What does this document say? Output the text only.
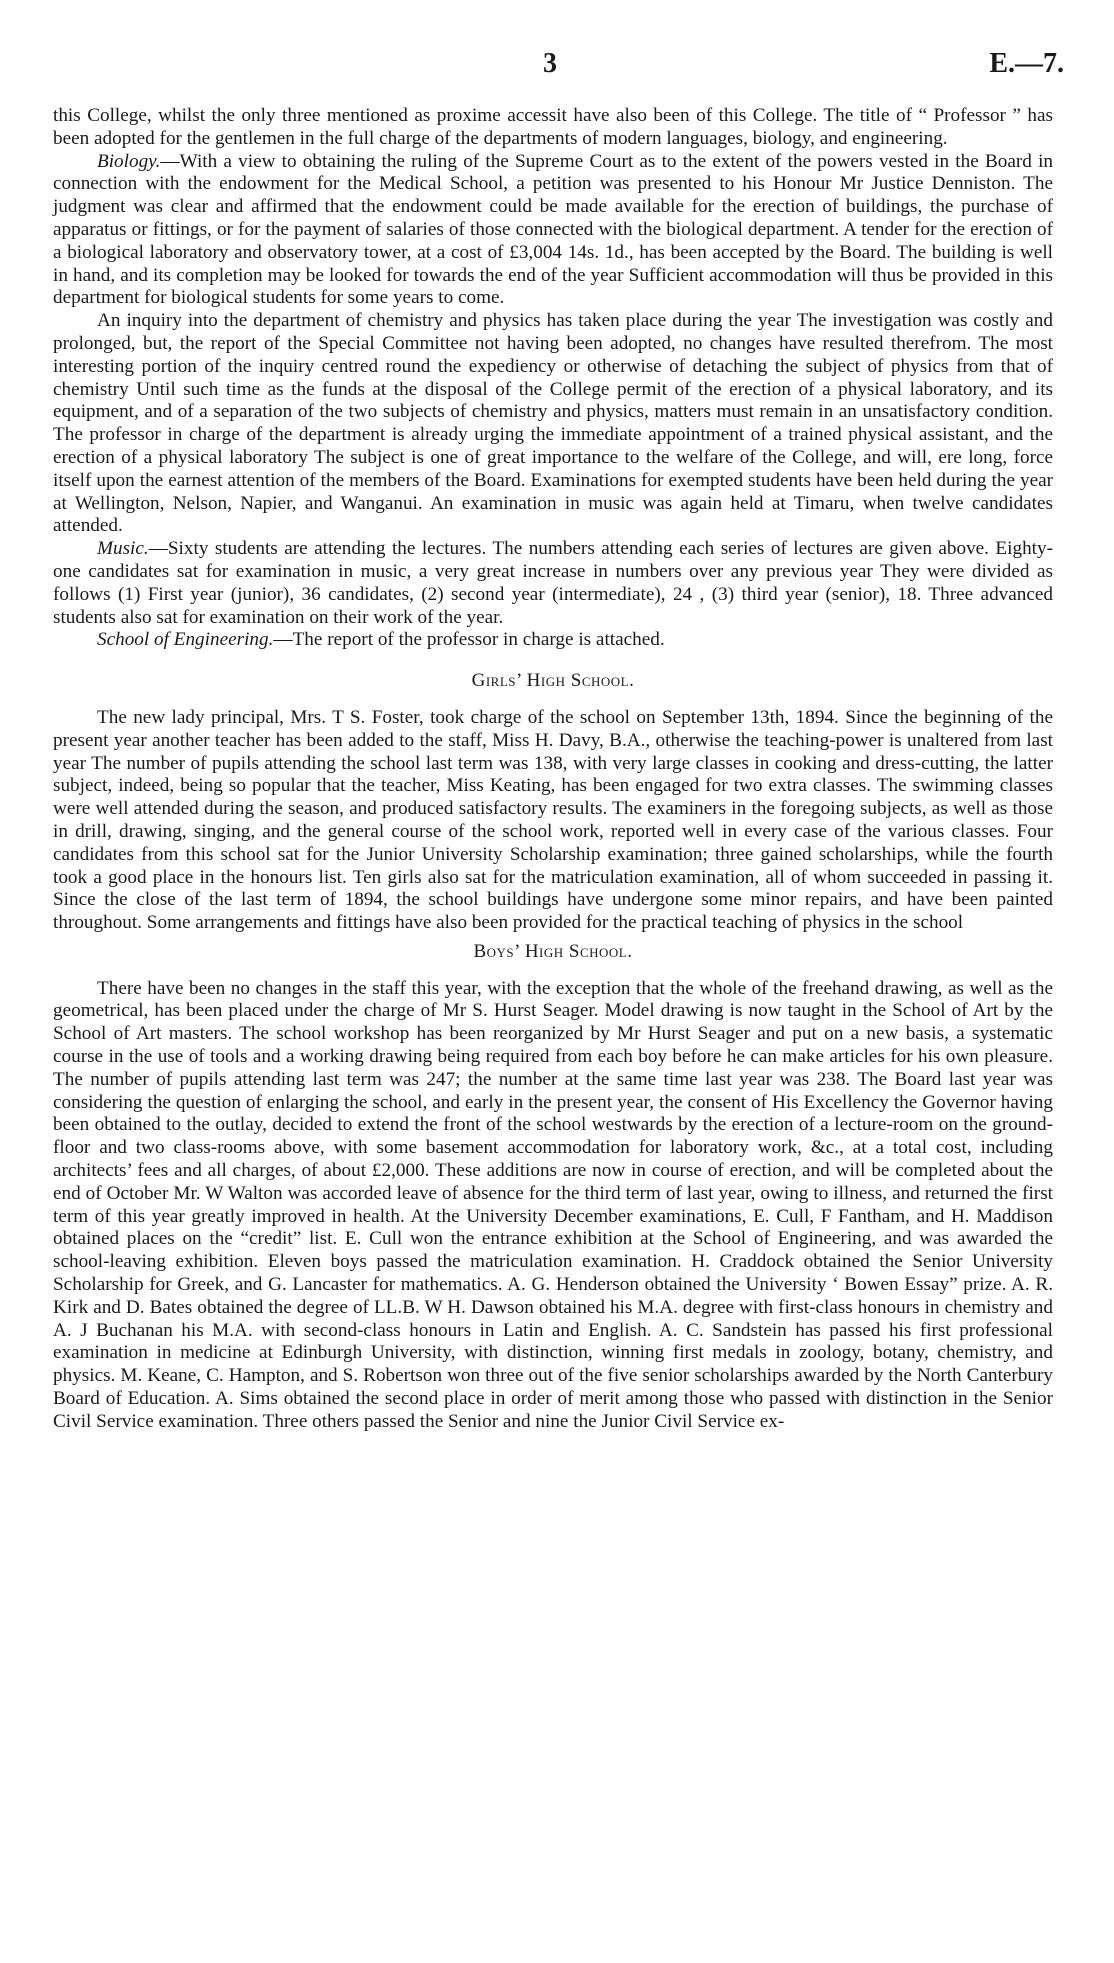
3	E.—7.

this College, whilst the only three mentioned as proxime accessit have also been of this College. The title of “ Professor ” has been adopted for the gentlemen in the full charge of the departments of modern languages, biology, and engineering.

Biology.—With a view to obtaining the ruling of the Supreme Court as to the extent of the powers vested in the Board in connection with the endowment for the Medical School, a petition was presented to his Honour Mr Justice Denniston. The judgment was clear and affirmed that the endowment could be made available for the erection of buildings, the purchase of apparatus or fittings, or for the payment of salaries of those connected with the biological department. A tender for the erection of a biological laboratory and observatory tower, at a cost of £3,004 14s. 1d., has been accepted by the Board. The building is well in hand, and its completion may be looked for towards the end of the year Sufficient accommodation will thus be provided in this department for biological students for some years to come.

An inquiry into the department of chemistry and physics has taken place during the year The investigation was costly and prolonged, but, the report of the Special Committee not having been adopted, no changes have resulted therefrom. The most interesting portion of the inquiry centred round the expediency or otherwise of detaching the subject of physics from that of chemistry Until such time as the funds at the disposal of the College permit of the erection of a physical laboratory, and its equipment, and of a separation of the two subjects of chemistry and physics, matters must remain in an unsatisfactory condition. The professor in charge of the department is already urging the immediate appointment of a trained physical assistant, and the erection of a physical laboratory The subject is one of great importance to the welfare of the College, and will, ere long, force itself upon the earnest attention of the members of the Board. Examinations for exempted students have been held during the year at Wellington, Nelson, Napier, and Wanganui. An examination in music was again held at Timaru, when twelve candidates attended.

Music.—Sixty students are attending the lectures. The numbers attending each series of lectures are given above. Eighty-one candidates sat for examination in music, a very great increase in numbers over any previous year They were divided as follows (1) First year (junior), 36 candidates, (2) second year (intermediate), 24 , (3) third year (senior), 18. Three advanced students also sat for examination on their work of the year.

School of Engineering.—The report of the professor in charge is attached.

Girls’ High School.

The new lady principal, Mrs. T S. Foster, took charge of the school on September 13th, 1894. Since the beginning of the present year another teacher has been added to the staff, Miss H. Davy, B.A., otherwise the teaching-power is unaltered from last year The number of pupils attending the school last term was 138, with very large classes in cooking and dress-cutting, the latter subject, indeed, being so popular that the teacher, Miss Keating, has been engaged for two extra classes. The swimming classes were well attended during the season, and produced satisfactory results. The examiners in the foregoing subjects, as well as those in drill, drawing, singing, and the general course of the school work, reported well in every case of the various classes. Four candidates from this school sat for the Junior University Scholarship examination; three gained scholarships, while the fourth took a good place in the honours list. Ten girls also sat for the matriculation examination, all of whom succeeded in passing it. Since the close of the last term of 1894, the school buildings have undergone some minor repairs, and have been painted throughout. Some arrangements and fittings have also been provided for the practical teaching of physics in the school

Boys’ High School.

There have been no changes in the staff this year, with the exception that the whole of the freehand drawing, as well as the geometrical, has been placed under the charge of Mr S. Hurst Seager. Model drawing is now taught in the School of Art by the School of Art masters. The school workshop has been reorganized by Mr Hurst Seager and put on a new basis, a systematic course in the use of tools and a working drawing being required from each boy before he can make articles for his own pleasure. The number of pupils attending last term was 247; the number at the same time last year was 238. The Board last year was considering the question of enlarging the school, and early in the present year, the consent of His Excellency the Governor having been obtained to the outlay, decided to extend the front of the school westwards by the erection of a lecture-room on the ground-floor and two class-rooms above, with some basement accommodation for laboratory work, &c., at a total cost, including architects’ fees and all charges, of about £2,000. These additions are now in course of erection, and will be completed about the end of October Mr. W Walton was accorded leave of absence for the third term of last year, owing to illness, and returned the first term of this year greatly improved in health. At the University December examinations, E. Cull, F Fantham, and H. Maddison obtained places on the “credit” list. E. Cull won the entrance exhibition at the School of Engineering, and was awarded the school-leaving exhibition. Eleven boys passed the matriculation examination. H. Craddock obtained the Senior University Scholarship for Greek, and G. Lancaster for mathematics. A. G. Henderson obtained the University ‘ Bowen Essay” prize. A. R. Kirk and D. Bates obtained the degree of LL.B. W H. Dawson obtained his M.A. degree with first-class honours in chemistry and A. J Buchanan his M.A. with second-class honours in Latin and English. A. C. Sandstein has passed his first professional examination in medicine at Edinburgh University, with distinction, winning first medals in zoology, botany, chemistry, and physics. M. Keane, C. Hampton, and S. Robertson won three out of the five senior scholarships awarded by the North Canterbury Board of Education. A. Sims obtained the second place in order of merit among those who passed with distinction in the Senior Civil Service examination. Three others passed the Senior and nine the Junior Civil Service ex-
